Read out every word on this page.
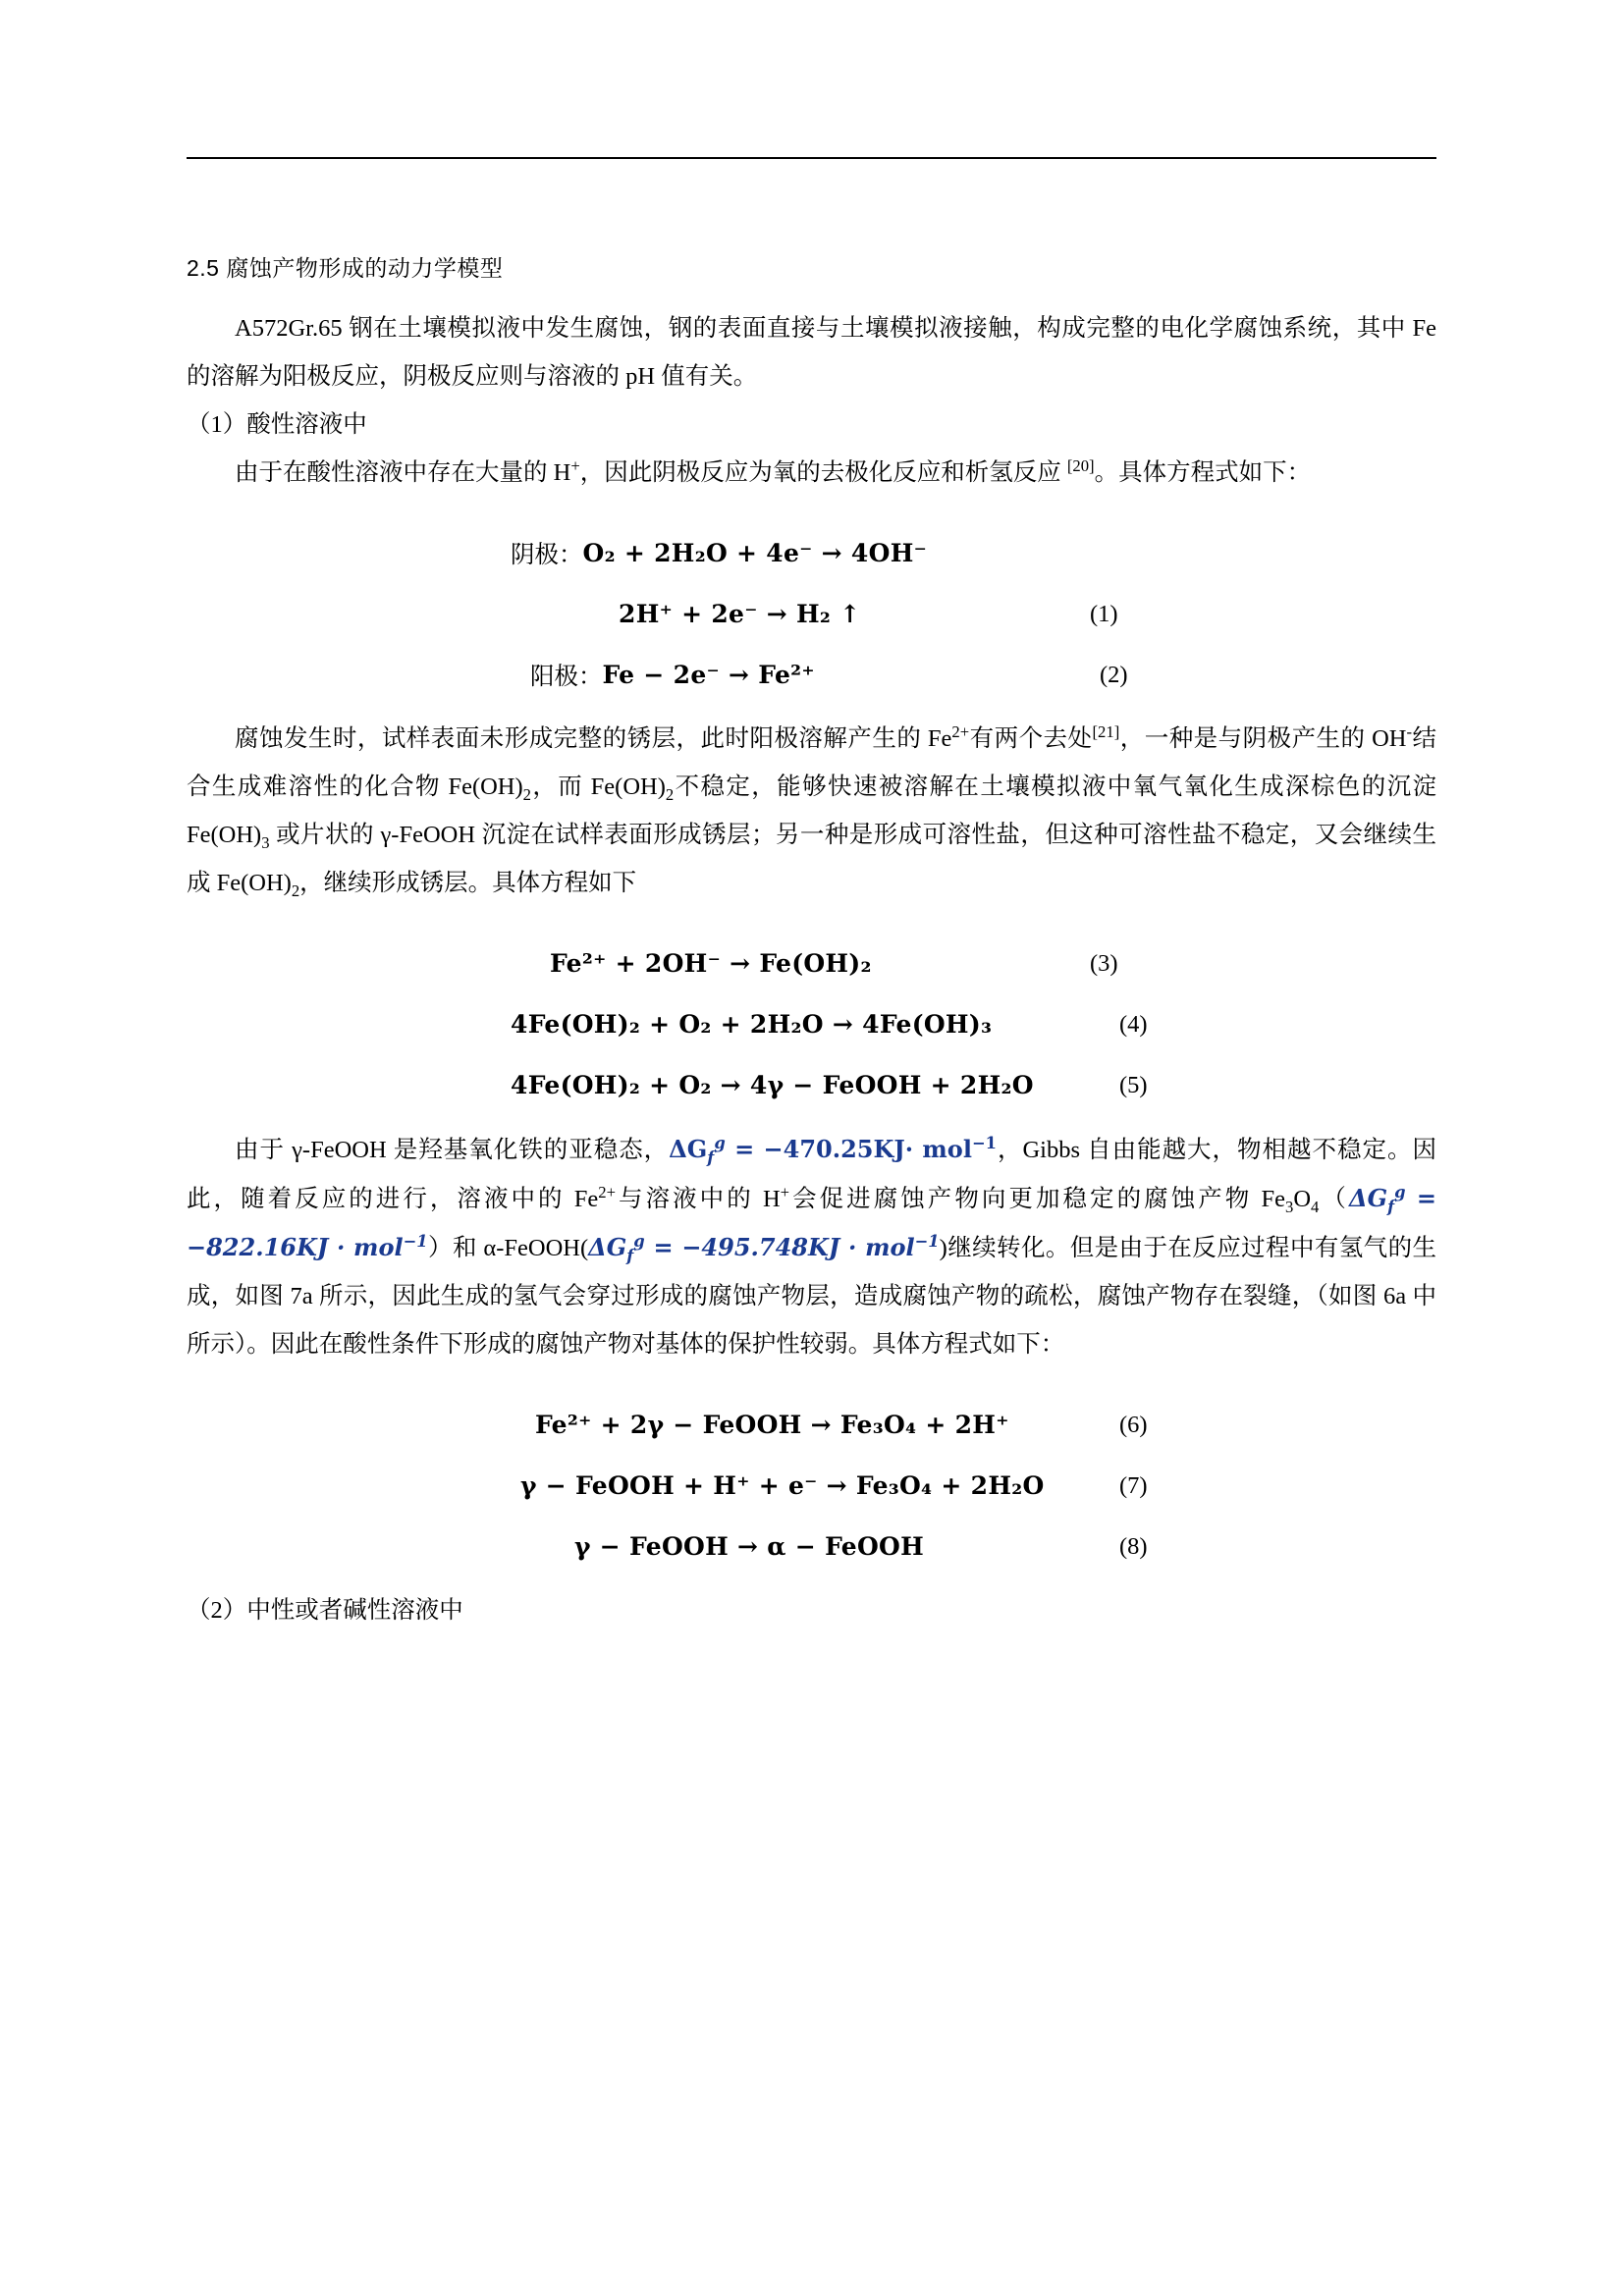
2.5 腐蚀产物形成的动力学模型

A572Gr.65 钢在土壤模拟液中发生腐蚀，钢的表面直接与土壤模拟液接触，构成完整的电化学腐蚀系统，其中 Fe 的溶解为阳极反应，阴极反应则与溶液的 pH 值有关。

（1）酸性溶液中

由于在酸性溶液中存在大量的 H+，因此阴极反应为氧的去极化反应和析氢反应 [20]。具体方程式如下：

阴极： O₂ + 2H₂O + 4e⁻ → 4OH⁻
2H⁺ + 2e⁻ → H₂ ↑	(1)
阳极： Fe − 2e⁻ → Fe²⁺	(2)

腐蚀发生时，试样表面未形成完整的锈层，此时阳极溶解产生的 $Fe^{2+}$有两个去处[21]，一种是与阴极产生的 OH-结合生成难溶性的化合物 $Fe(OH)_2$，而 $Fe(OH)_2$不稳定，能够快速被溶解在土壤模拟液中氧气氧化生成深棕色的沉淀 $Fe(OH)_3$ 或片状的 γ-FeOOH 沉淀在试样表面形成锈层；另一种是形成可溶性盐，但这种可溶性盐不稳定，又会继续生成 $Fe(OH)_2$，继续形成锈层。具体方程如下

Fe²⁺ + 2OH⁻ → Fe(OH)₂	(3)
4Fe(OH)₂ + O₂ + 2H₂O → 4Fe(OH)₃	(4)
4Fe(OH)₂ + O₂ → 4γ − FeOOH + 2H₂O	(5)

由于 γ-FeOOH 是羟基氧化铁的亚稳态，$\Delta G_f^g = -470.25KJ\cdot mol^{-1}$，Gibbs 自由能越大，物相越不稳定。因此，随着反应的进行，溶液中的 $Fe^{2+}$与溶液中的 H+会促进腐蚀产物向更加稳定的腐蚀产物 $Fe_3O_4(\Delta G_f^g = -822.16KJ \cdot mol^{-1})$和 $\alpha-FeOOH(\Delta G_f^g = -495.748KJ \cdot mol^{-1})$继续转化。但是由于在反应过程中有氢气的生成，如图 7a 所示，因此生成的氢气会穿过形成的腐蚀产物层，造成腐蚀产物的疏松，腐蚀产物存在裂缝，（如图 6a 中所示）。因此在酸性条件下形成的腐蚀产物对基体的保护性较弱。具体方程式如下：

Fe²⁺ + 2γ − FeOOH → Fe₃O₄ + 2H⁺	(6)
γ − FeOOH + H⁺ + e⁻ → Fe₃O₄ + 2H₂O	(7)
γ − FeOOH → α − FeOOH	(8)

（2）中性或者碱性溶液中
